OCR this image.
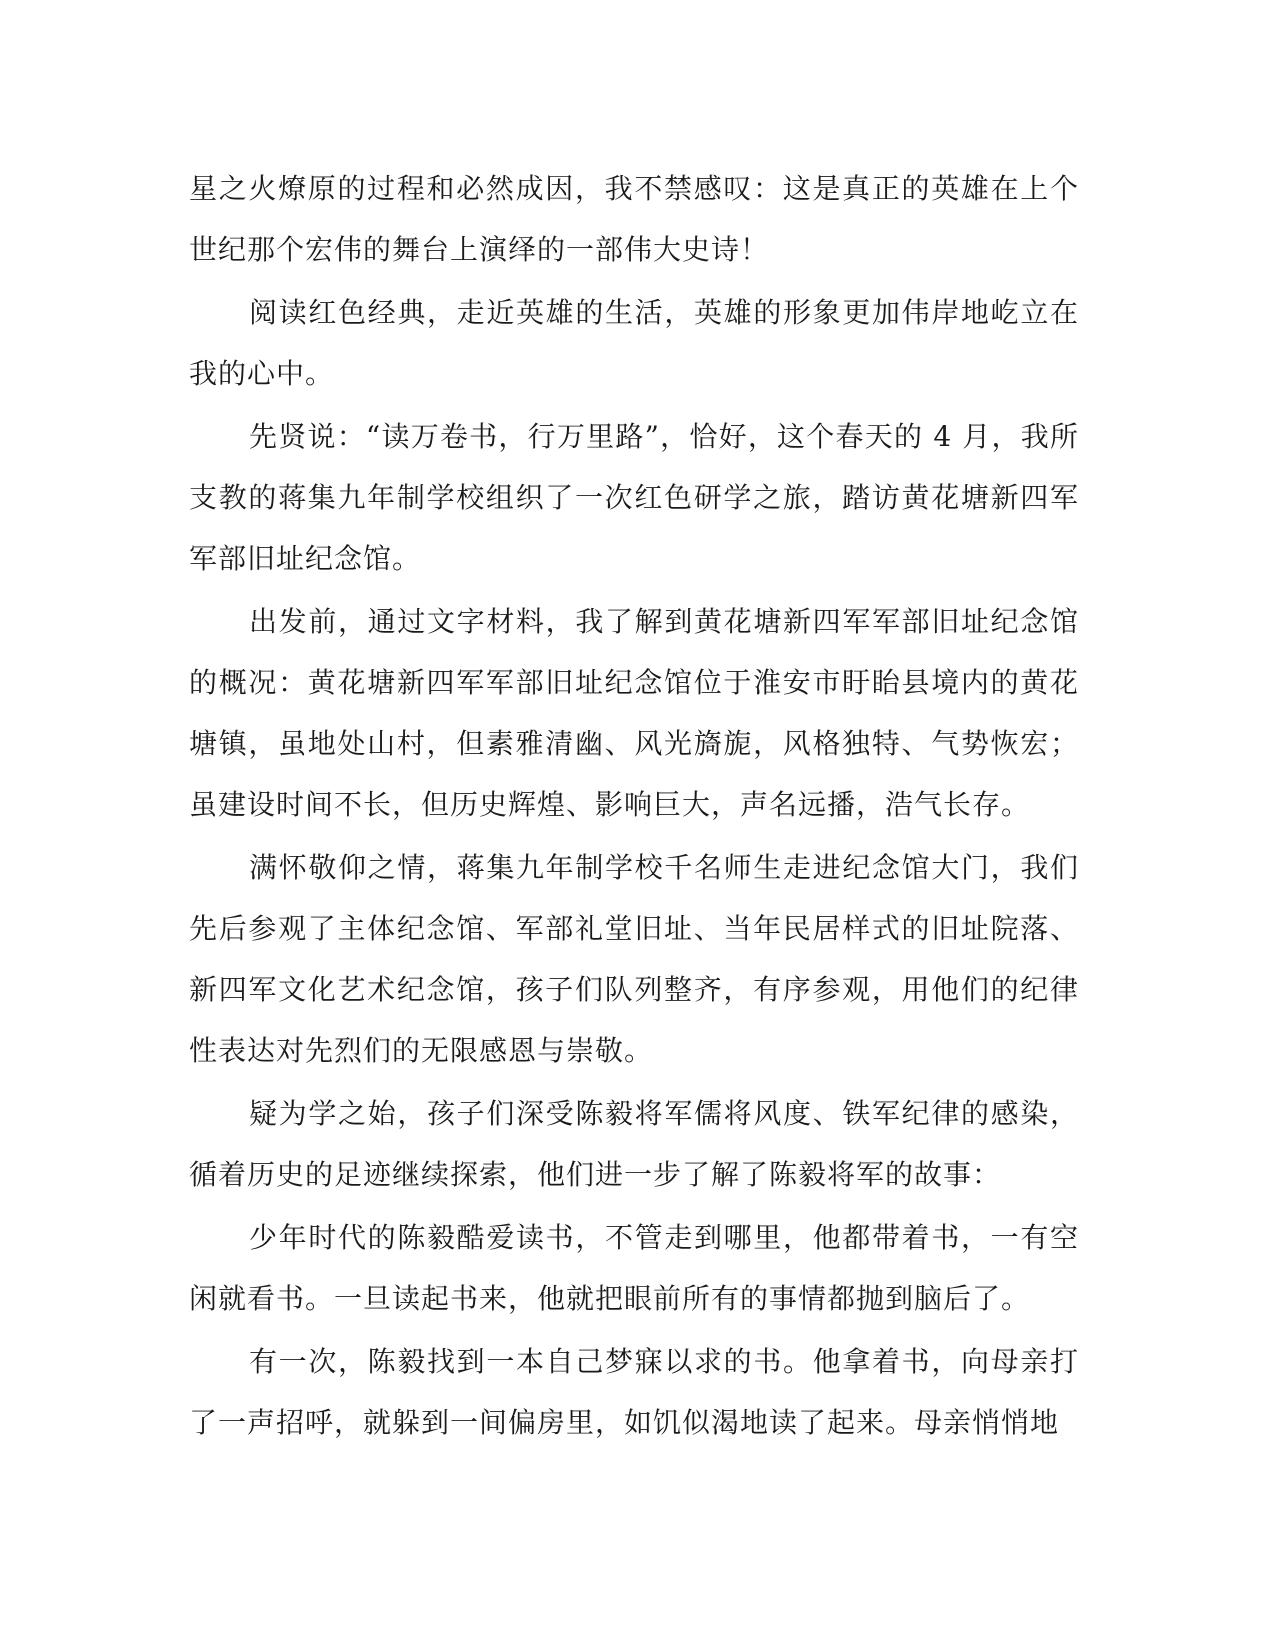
星之火燎原的过程和必然成因，我不禁感叹：这是真正的英雄在上个世纪那个宏伟的舞台上演绎的一部伟大史诗！

阅读红色经典，走近英雄的生活，英雄的形象更加伟岸地屹立在我的心中。

先贤说：“读万卷书，行万里路”，恰好，这个春天的 4 月，我所支教的蒋集九年制学校组织了一次红色研学之旅，踏访黄花塘新四军军部旧址纪念馆。

出发前，通过文字材料，我了解到黄花塘新四军军部旧址纪念馆的概况：黄花塘新四军军部旧址纪念馆位于淮安市盱眙县境内的黄花塘镇，虽地处山村，但素雅清幽、风光旖旎，风格独特、气势恢宏；虽建设时间不长，但历史辉煌、影响巨大，声名远播，浩气长存。

满怀敬仰之情，蒋集九年制学校千名师生走进纪念馆大门，我们先后参观了主体纪念馆、军部礼堂旧址、当年民居样式的旧址院落、新四军文化艺术纪念馆，孩子们队列整齐，有序参观，用他们的纪律性表达对先烈们的无限感恩与崇敬。

疑为学之始，孩子们深受陈毅将军儒将风度、铁军纪律的感染，循着历史的足迹继续探索，他们进一步了解了陈毅将军的故事：

少年时代的陈毅酷爱读书，不管走到哪里，他都带着书，一有空闲就看书。一旦读起书来，他就把眼前所有的事情都抛到脑后了。

有一次，陈毅找到一本自己梦寐以求的书。他拿着书，向母亲打了一声招呼，就躲到一间偏房里，如饥似渴地读了起来。母亲悄悄地
